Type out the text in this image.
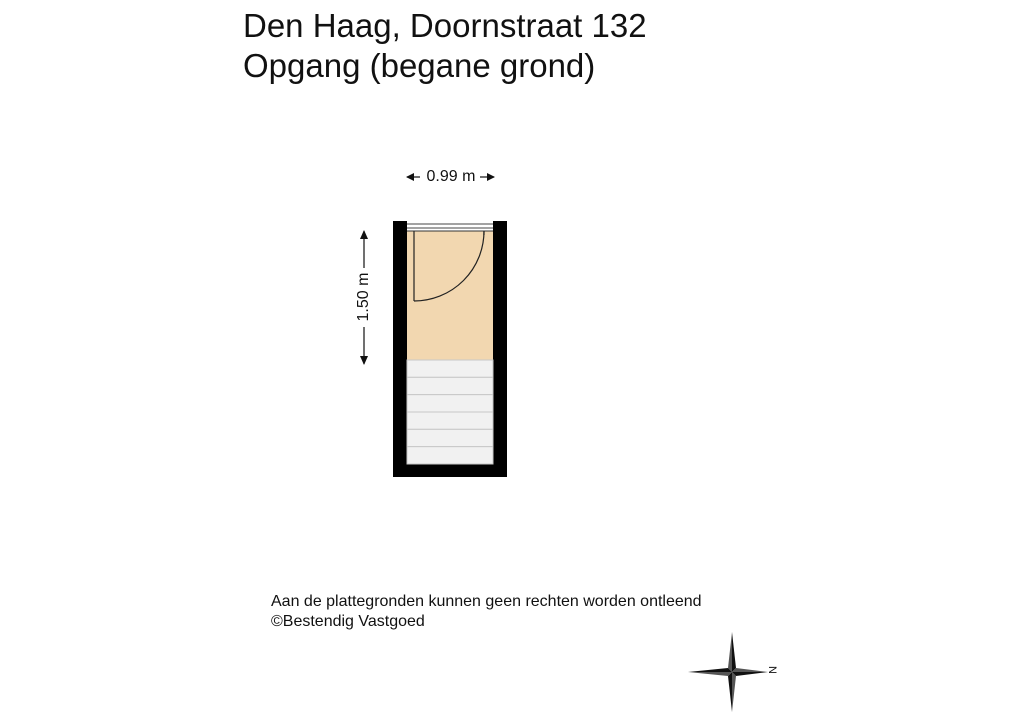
Den Haag, Doornstraat 132
Opgang (begane grond)
0.99 m
1.50 m
Aan de plattegronden kunnen geen rechten worden ontleend
©Bestendig Vastgoed
N
